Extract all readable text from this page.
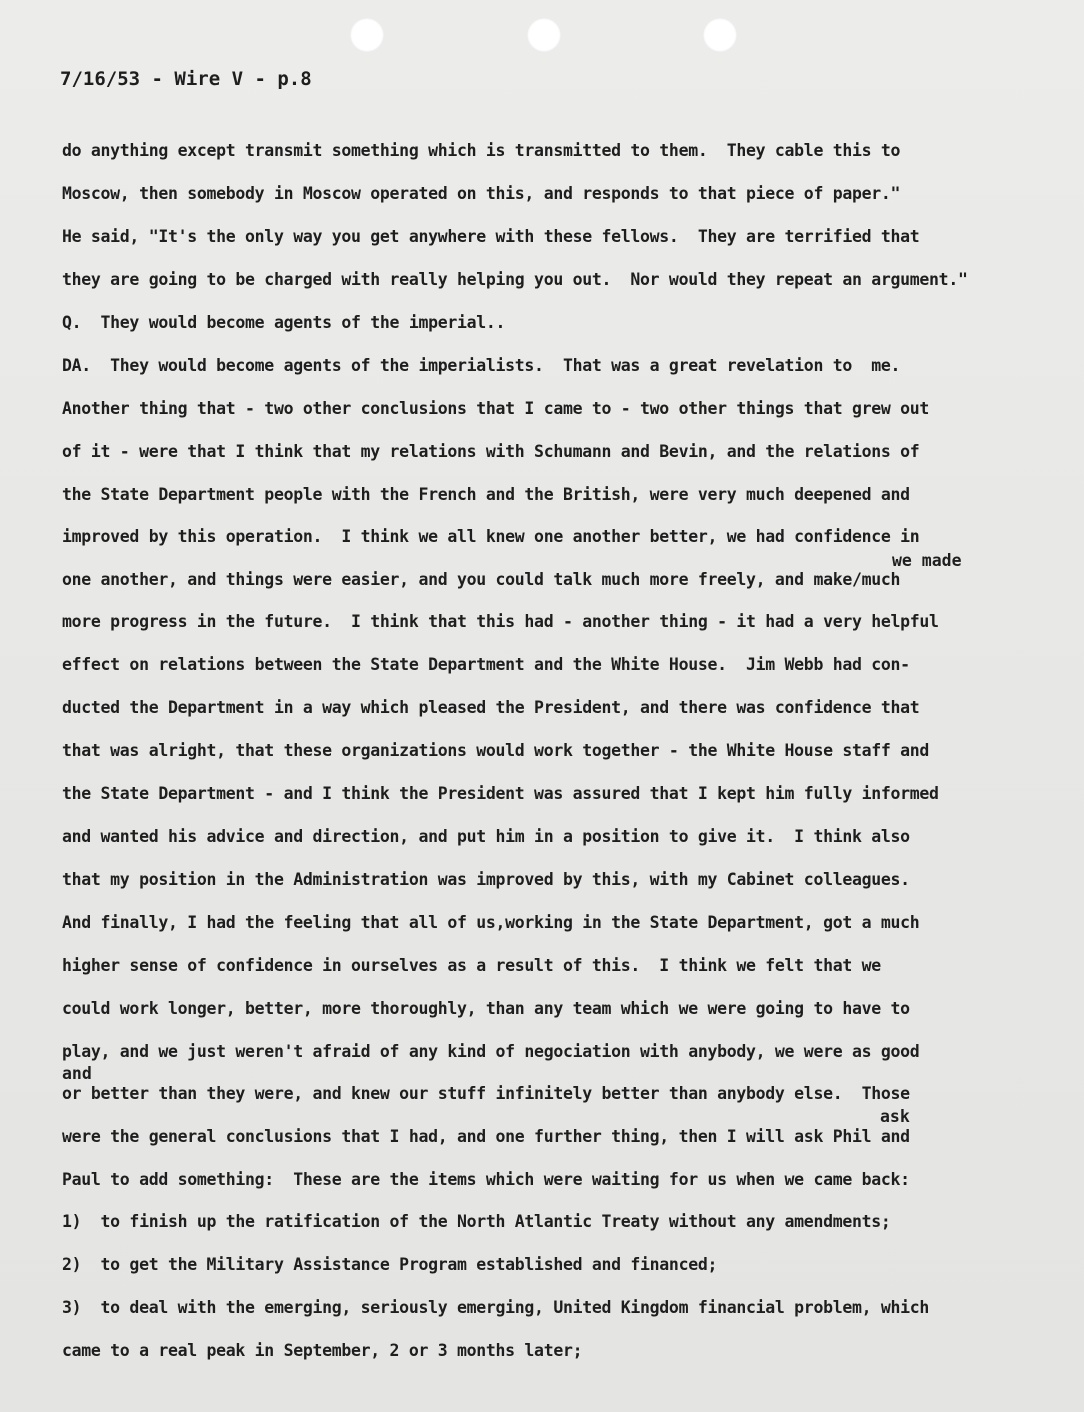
7/16/53 - Wire V - p.8
do anything except transmit something which is transmitted to them.  They cable this to
Moscow, then somebody in Moscow operated on this, and responds to that piece of paper."
He said, "It's the only way you get anywhere with these fellows.  They are terrified that
they are going to be charged with really helping you out.  Nor would they repeat an argument."
Q.  They would become agents of the imperial..
DA.  They would become agents of the imperialists.  That was a great revelation to  me.
Another thing that - two other conclusions that I came to - two other things that grew out
of it - were that I think that my relations with Schumann and Bevin, and the relations of
the State Department people with the French and the British, were very much deepened and
improved by this operation.  I think we all knew one another better, we had confidence in
we made
one another, and things were easier, and you could talk much more freely, and make/much
more progress in the future.  I think that this had - another thing - it had a very helpful
effect on relations between the State Department and the White House.  Jim Webb had con-
ducted the Department in a way which pleased the President, and there was confidence that
that was alright, that these organizations would work together - the White House staff and
the State Department - and I think the President was assured that I kept him fully informed
and wanted his advice and direction, and put him in a position to give it.  I think also
that my position in the Administration was improved by this, with my Cabinet colleagues.
And finally, I had the feeling that all of us,working in the State Department, got a much
higher sense of confidence in ourselves as a result of this.  I think we felt that we
could work longer, better, more thoroughly, than any team which we were going to have to
play, and we just weren't afraid of any kind of negociation with anybody, we were as good
and
or better than they were, and knew our stuff infinitely better than anybody else.  Those
ask
were the general conclusions that I had, and one further thing, then I will ask Phil and
Paul to add something:  These are the items which were waiting for us when we came back:
1)  to finish up the ratification of the North Atlantic Treaty without any amendments;
2)  to get the Military Assistance Program established and financed;
3)  to deal with the emerging, seriously emerging, United Kingdom financial problem, which
came to a real peak in September, 2 or 3 months later;
